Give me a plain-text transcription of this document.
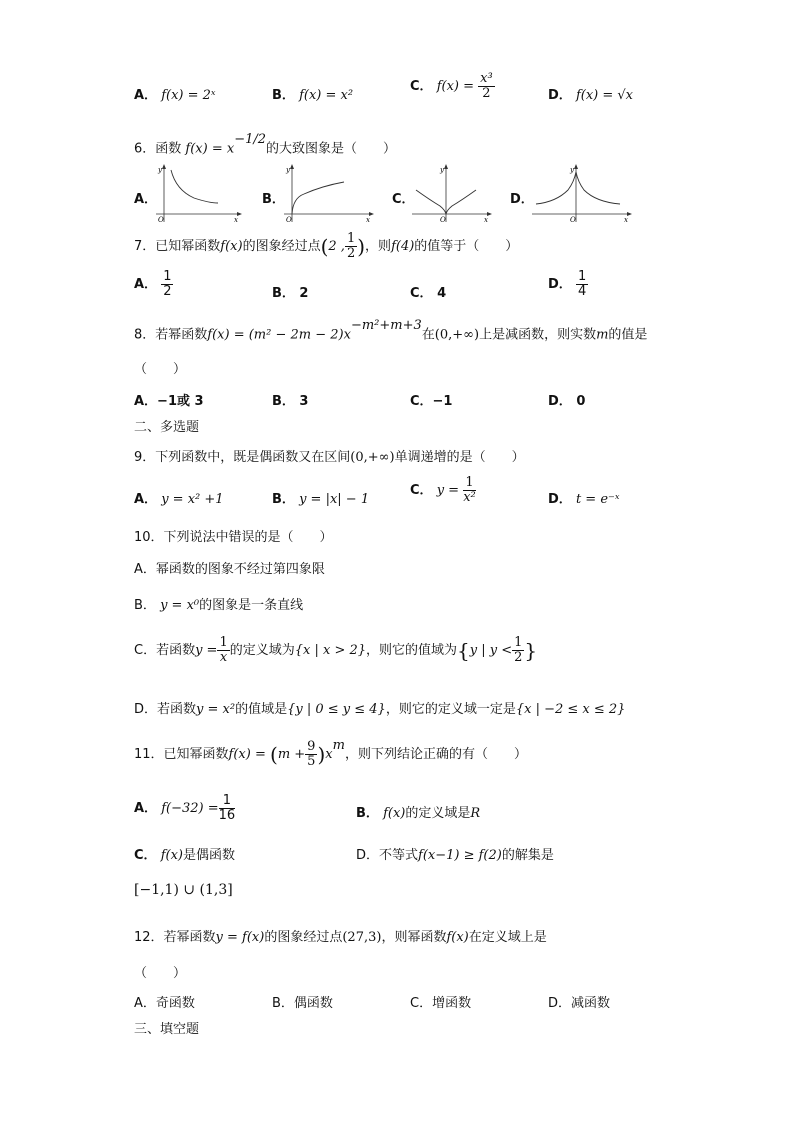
A． f(x) = 2ˣ	B． f(x) = x²
C． $f(x) = \frac{\text{x³}}{2}$	D． f(x) = √x
6．函数 $f(x) = x^{-1/2}$的大致图象是（　　）
A．	B．	C．	D．
y
x
O
y
x
O
y
x
O
y
x
O
7．已知幂函数f(x)的图象经过点(2 , $\frac{1}{2}$ )，则f(4)的值等于（　　）
A． $\frac{1}{2}$	B． 2	C． 4
D． $\frac{1}{4}$
8．若幂函数$f(x) = (m^2 - 2m - 2)x^{-m^2+m+3}$在(0,+∞)上是减函数，则实数m的值是
（　　）
A．−1或 3	B． 3	C．−1	D． 0
二、多选题
9．下列函数中，既是偶函数又在区间(0,+∞)单调递增的是（　　）
A． y = x² +1	B． y = |x| − 1
C． $y = \frac{1}{\text{x²}}$	D． t = e⁻ˣ
10．下列说法中错误的是（　　）
A．幂函数的图象不经过第四象限
B． y = x⁰的图象是一条直线
C．若函数$y = \frac{1}{x}$ 的定义域为{x | x > 2}，则它的值域为{y | $y < \frac{1}{2}$ }
D．若函数y = x²的值域是{y | 0 ≤ y ≤ 4}，则它的定义域一定是{x | −2 ≤ x ≤ 2}
11．已知幂函数$f(x) = (m + \frac{9}{5} )x^m$，则下列结论正确的有（　　）
A． $f(-32) = \frac{1}{16}$	B． f(x)的定义域是R
C． f(x)是偶函数	D．不等式f(x−1) ≥ f(2)的解集是
[−1,1) ∪ (1,3]
12．若幂函数y = f(x)的图象经过点(27,3)，则幂函数f(x)在定义域上是
（　　）
A．奇函数	B．偶函数	C．增函数	D．减函数
三、填空题
